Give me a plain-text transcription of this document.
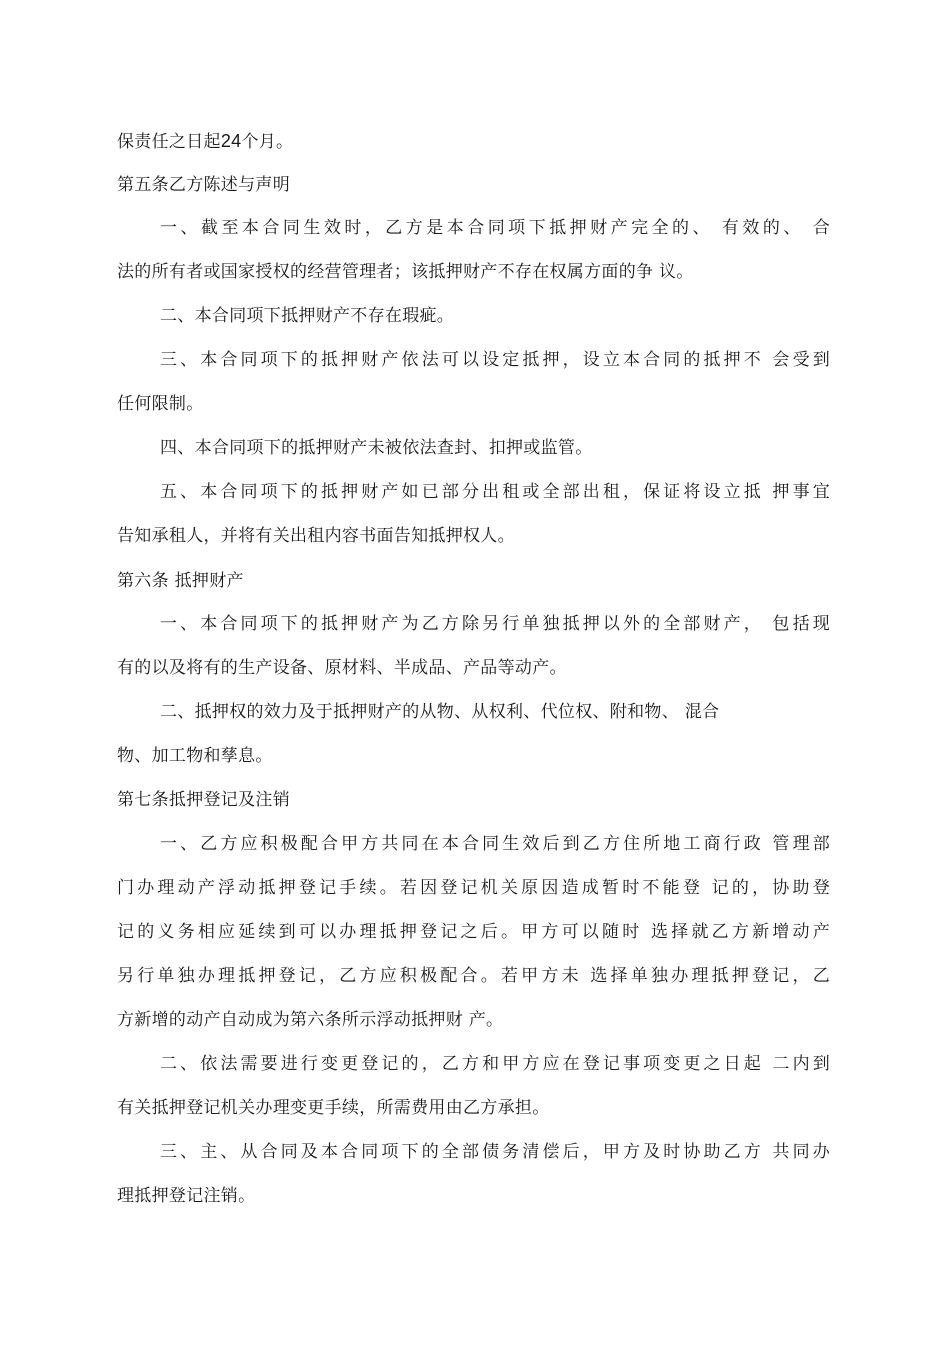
保责任之日起24个月。
第五条乙方陈述与声明
一、截至本合同生效时，乙方是本合同项下抵押财产完全的、 有效的、 合
法的所有者或国家授权的经营管理者；该抵押财产不存在权属方面的争 议。
二、本合同项下抵押财产不存在瑕疵。
三、本合同项下的抵押财产依法可以设定抵押，设立本合同的抵押不 会受到
任何限制。
四、本合同项下的抵押财产未被依法查封、扣押或监管。
五、本合同项下的抵押财产如已部分出租或全部出租，保证将设立抵 押事宜
告知承租人，并将有关出租内容书面告知抵押权人。
第六条 抵押财产
一、本合同项下的抵押财产为乙方除另行单独抵押以外的全部财产， 包括现
有的以及将有的生产设备、原材料、半成品、产品等动产。
二、抵押权的效力及于抵押财产的从物、从权利、代位权、附和物、 混合
物、加工物和孳息。
第七条抵押登记及注销
一、乙方应积极配合甲方共同在本合同生效后到乙方住所地工商行政 管理部
门办理动产浮动抵押登记手续。若因登记机关原因造成暂时不能登 记的，协助登
记的义务相应延续到可以办理抵押登记之后。甲方可以随时 选择就乙方新增动产
另行单独办理抵押登记，乙方应积极配合。若甲方未 选择单独办理抵押登记，乙
方新增的动产自动成为第六条所示浮动抵押财 产。
二、依法需要进行变更登记的，乙方和甲方应在登记事项变更之日起 二内到
有关抵押登记机关办理变更手续，所需费用由乙方承担。
三、主、从合同及本合同项下的全部债务清偿后，甲方及时协助乙方 共同办
理抵押登记注销。
